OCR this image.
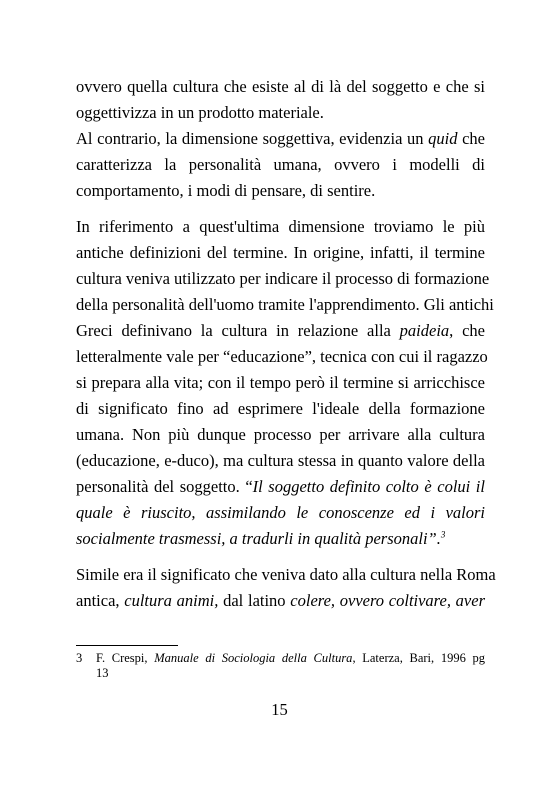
ovvero quella cultura che esiste al di là del soggetto e che si
oggettivizza in un prodotto materiale.
Al contrario, la dimensione soggettiva, evidenzia un quid che
caratterizza la personalità umana, ovvero i modelli di
comportamento, i modi di pensare, di sentire.
In riferimento a quest'ultima dimensione troviamo le più
antiche definizioni del termine. In origine, infatti, il termine
cultura veniva utilizzato per indicare il processo di formazione
della personalità dell'uomo tramite l'apprendimento. Gli antichi
Greci definivano la cultura in relazione alla paideia, che
letteralmente vale per “educazione”, tecnica con cui il ragazzo
si prepara alla vita; con il tempo però il termine si arricchisce
di significato fino ad esprimere l'ideale della formazione
umana. Non più dunque processo per arrivare alla cultura
(educazione, e-duco), ma cultura stessa in quanto valore della
personalità del soggetto. “Il soggetto definito colto è colui il
quale è riuscito, assimilando le conoscenze ed i valori
socialmente trasmessi, a tradurli in qualità personali”.$^3$
Simile era il significato che veniva dato alla cultura nella Roma
antica, cultura animi, dal latino colere, ovvero coltivare, aver
3 F. Crespi, Manuale di Sociologia della Cultura, Laterza, Bari, 1996 pg
13
15
